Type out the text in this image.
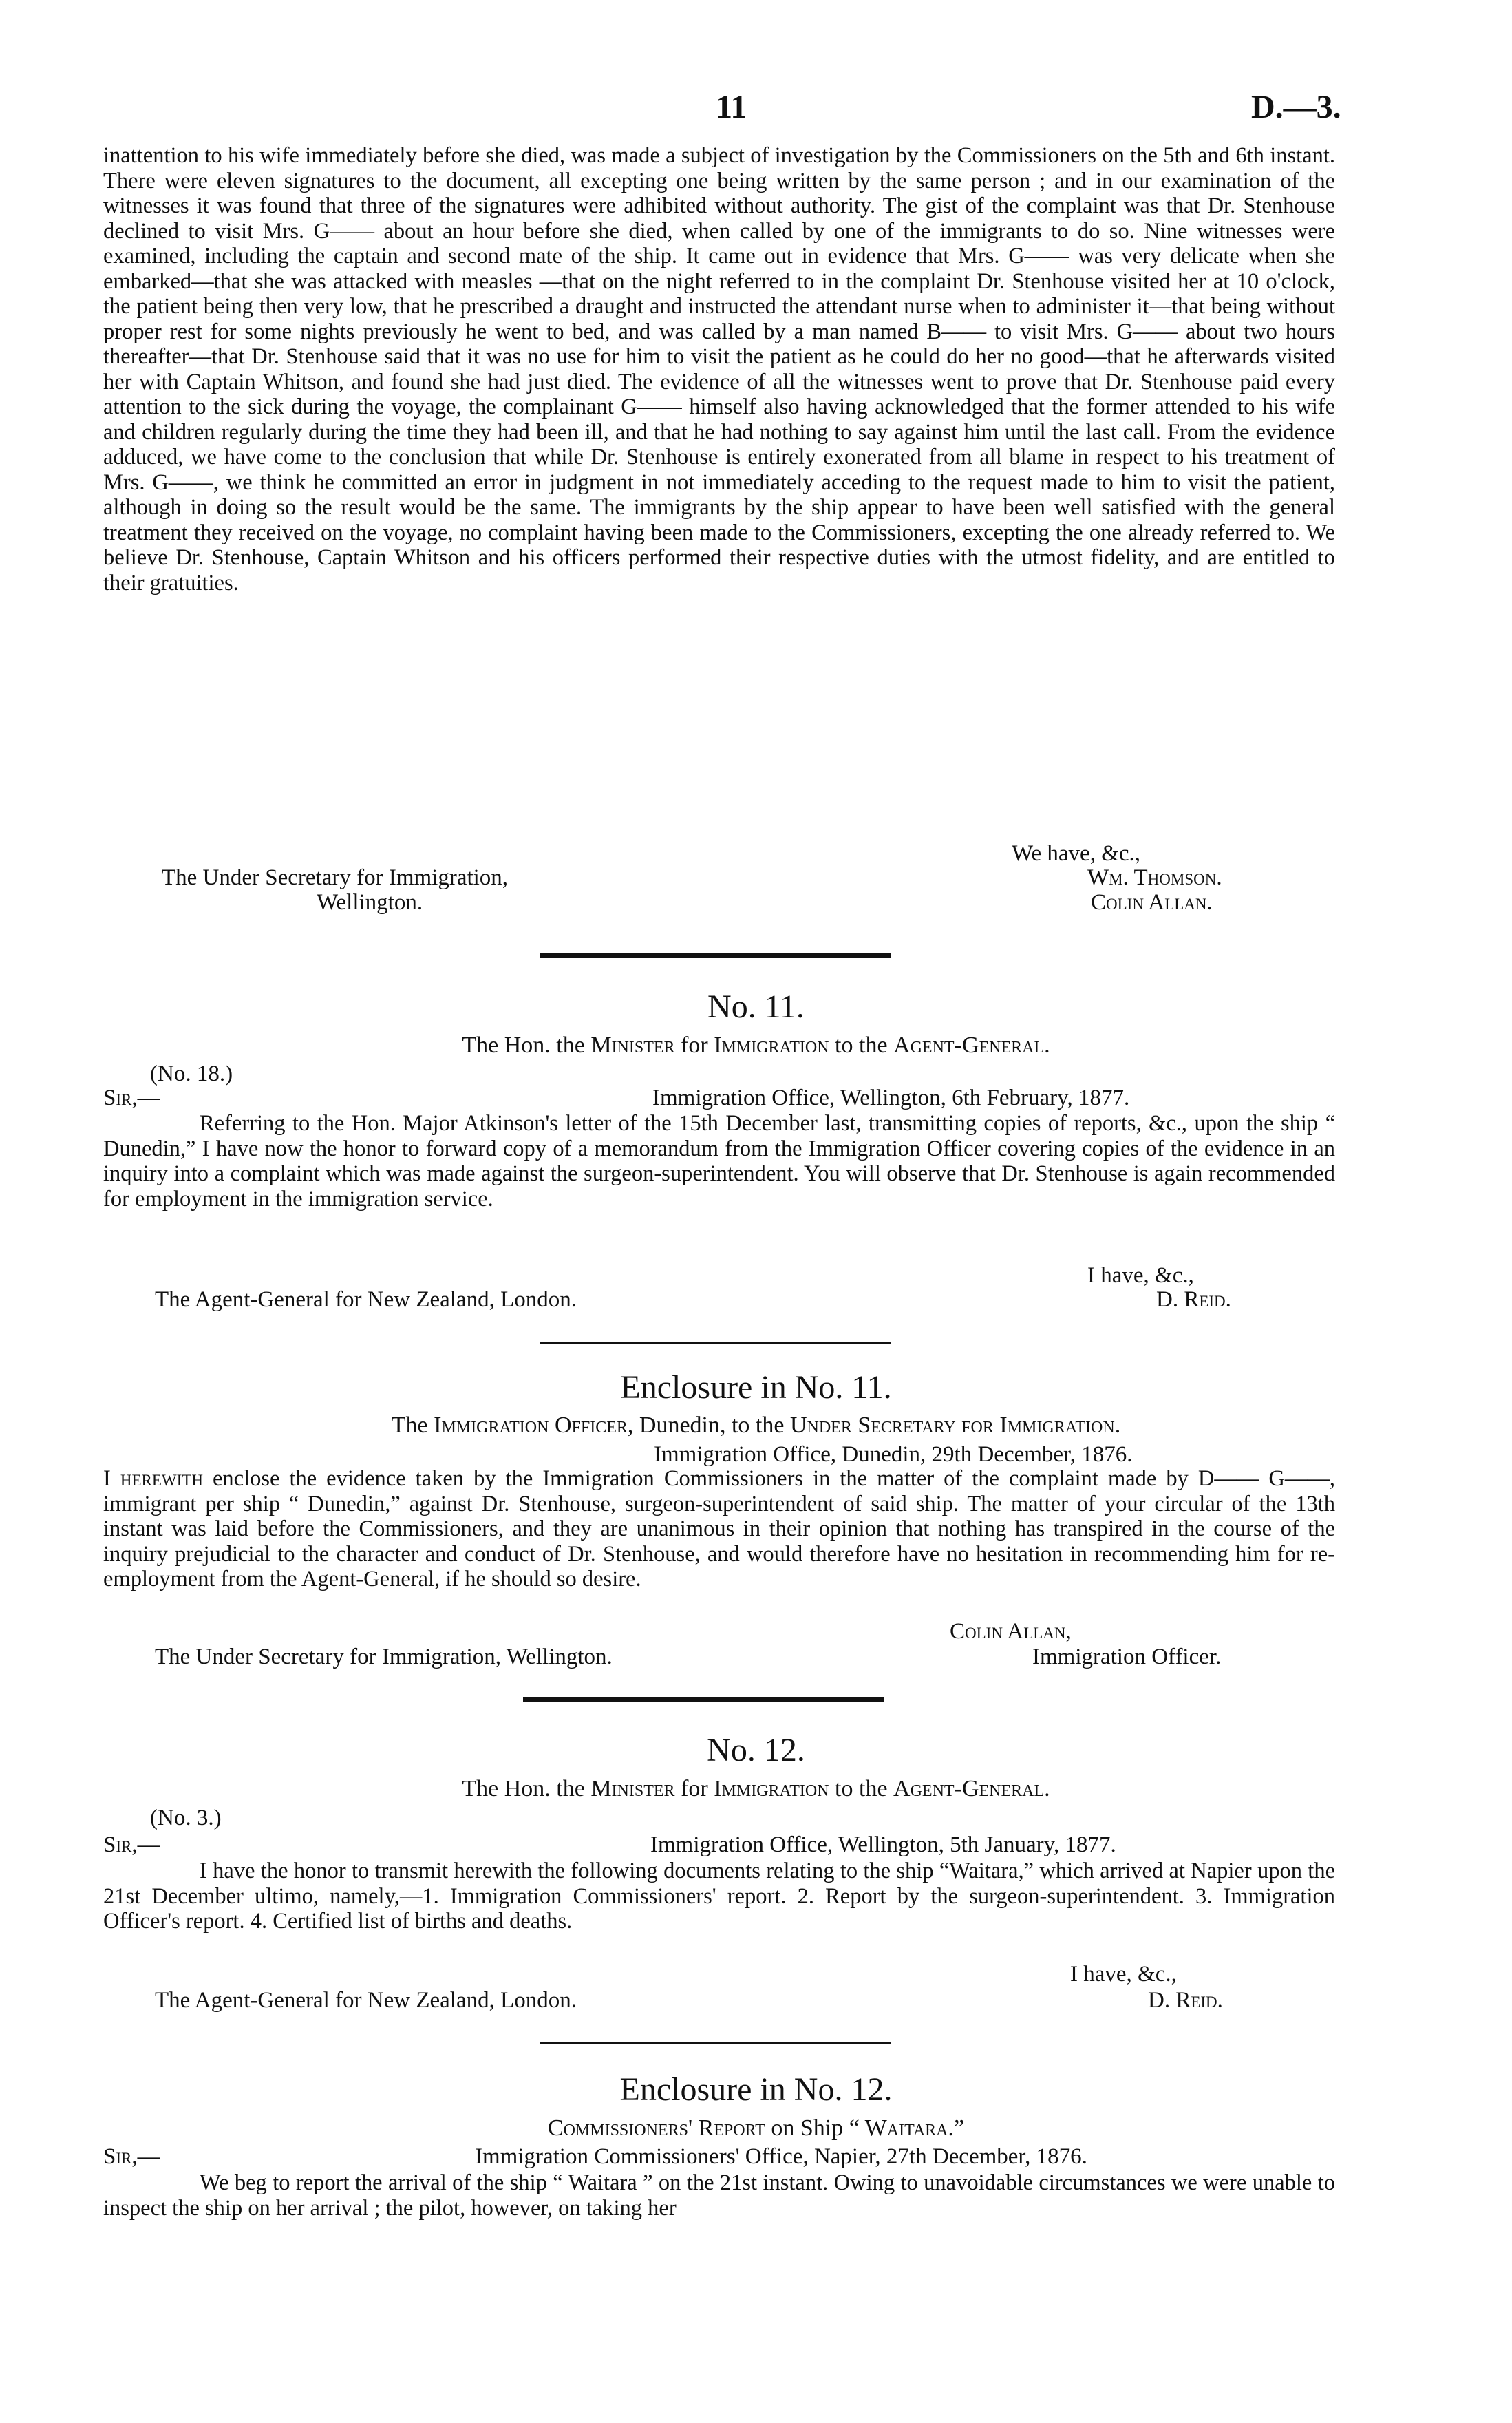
11	D.—3.

inattention to his wife immediately before she died, was made a subject of investigation by the Commissioners on the 5th and 6th instant. There were eleven signatures to the document, all excepting one being written by the same person ; and in our examination of the witnesses it was found that three of the signatures were adhibited without authority. The gist of the complaint was that Dr. Stenhouse declined to visit Mrs. G—— about an hour before she died, when called by one of the immigrants to do so. Nine witnesses were examined, including the captain and second mate of the ship. It came out in evidence that Mrs. G—— was very delicate when she embarked—that she was attacked with measles —that on the night referred to in the complaint Dr. Stenhouse visited her at 10 o'clock, the patient being then very low, that he prescribed a draught and instructed the attendant nurse when to administer it—that being without proper rest for some nights previously he went to bed, and was called by a man named B—— to visit Mrs. G—— about two hours thereafter—that Dr. Stenhouse said that it was no use for him to visit the patient as he could do her no good—that he afterwards visited her with Captain Whitson, and found she had just died. The evidence of all the witnesses went to prove that Dr. Stenhouse paid every attention to the sick during the voyage, the complainant G—— himself also having acknowledged that the former attended to his wife and children regularly during the time they had been ill, and that he had nothing to say against him until the last call. From the evidence adduced, we have come to the conclusion that while Dr. Stenhouse is entirely exonerated from all blame in respect to his treatment of Mrs. G——, we think he committed an error in judgment in not immediately acceding to the request made to him to visit the patient, although in doing so the result would be the same. The immigrants by the ship appear to have been well satisfied with the general treatment they received on the voyage, no complaint having been made to the Commissioners, excepting the one already referred to. We believe Dr. Stenhouse, Captain Whitson and his officers performed their respective duties with the utmost fidelity, and are entitled to their gratuities.

We have, &c.,
The Under Secretary for Immigration,	Wm. Thomson.
Wellington.	Colin Allan.
No. 11.
The Hon. the Minister for Immigration to the Agent-General.
(No. 18.)
Sir,—	Immigration Office, Wellington, 6th February, 1877.

Referring to the Hon. Major Atkinson's letter of the 15th December last, transmitting copies of reports, &c., upon the ship “ Dunedin,” I have now the honor to forward copy of a memorandum from the Immigration Officer covering copies of the evidence in an inquiry into a complaint which was made against the surgeon-superintendent. You will observe that Dr. Stenhouse is again recommended for employment in the immigration service.

I have, &c.,
The Agent-General for New Zealand, London.	D. Reid.
Enclosure in No. 11.
The Immigration Officer, Dunedin, to the Under Secretary for Immigration.
Immigration Office, Dunedin, 29th December, 1876.

I herewith enclose the evidence taken by the Immigration Commissioners in the matter of the complaint made by D—— G——, immigrant per ship “ Dunedin,” against Dr. Stenhouse, surgeon-superintendent of said ship. The matter of your circular of the 13th instant was laid before the Commissioners, and they are unanimous in their opinion that nothing has transpired in the course of the inquiry prejudicial to the character and conduct of Dr. Stenhouse, and would therefore have no hesitation in recommending him for re-employment from the Agent-General, if he should so desire.

Colin Allan,
The Under Secretary for Immigration, Wellington.	Immigration Officer.
No. 12.
The Hon. the Minister for Immigration to the Agent-General.
(No. 3.)
Sir,—	Immigration Office, Wellington, 5th January, 1877.

I have the honor to transmit herewith the following documents relating to the ship “Waitara,” which arrived at Napier upon the 21st December ultimo, namely,—1. Immigration Commissioners' report. 2. Report by the surgeon-superintendent. 3. Immigration Officer's report. 4. Certified list of births and deaths.

I have, &c.,
The Agent-General for New Zealand, London.	D. Reid.
Enclosure in No. 12.
Commissioners' Report on Ship “ Waitara.”
Sir,—	Immigration Commissioners' Office, Napier, 27th December, 1876.

We beg to report the arrival of the ship “ Waitara ” on the 21st instant. Owing to unavoidable circumstances we were unable to inspect the ship on her arrival ; the pilot, however, on taking her
